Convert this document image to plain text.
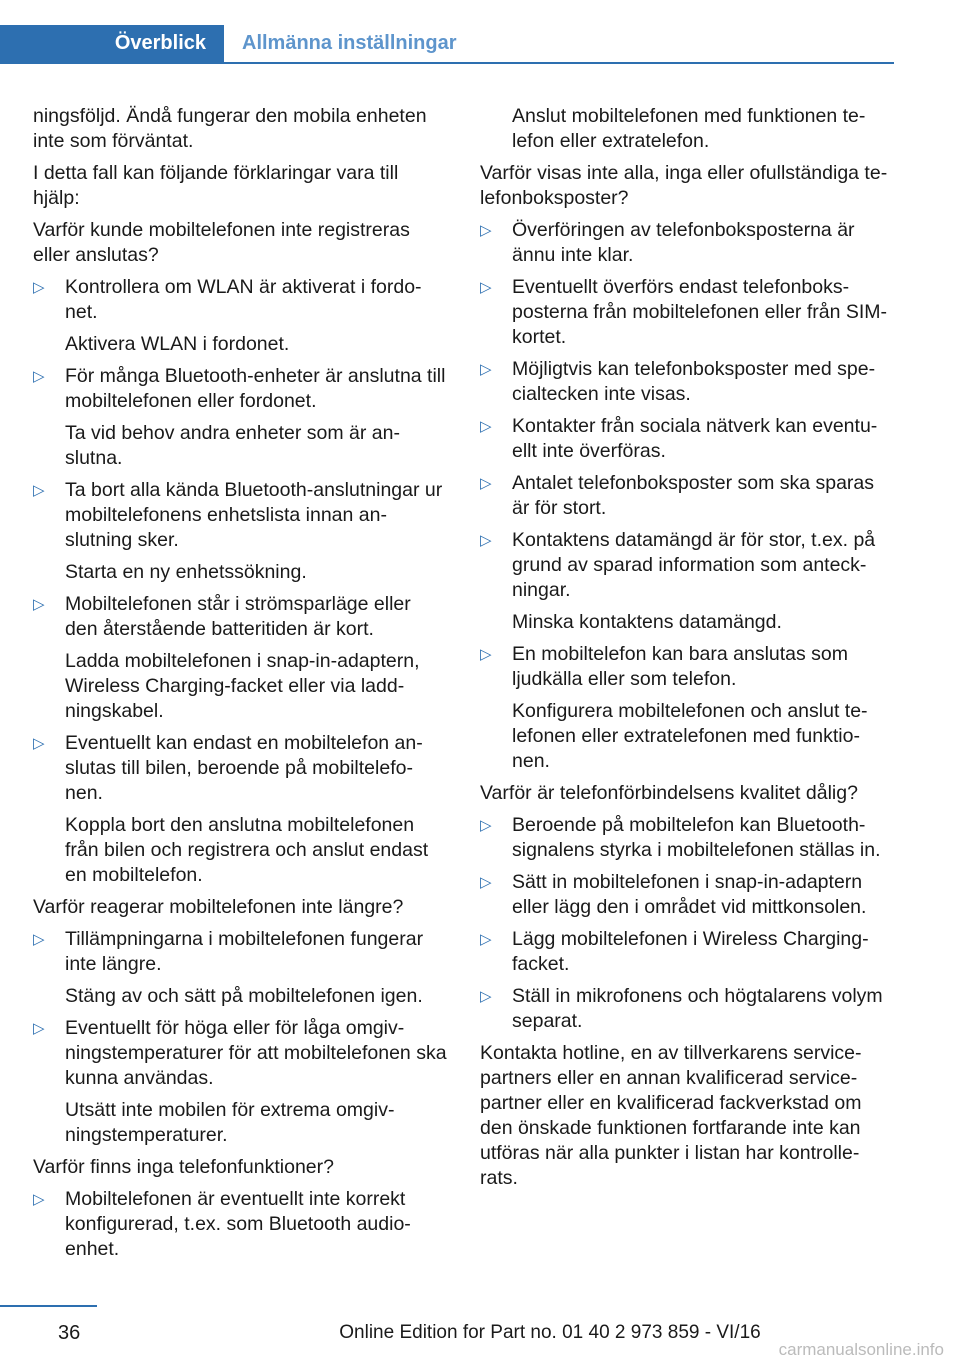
Överblick	Allmänna inställningar
ningsföljd. Ändå fungerar den mobila enheten inte som förväntat.
I detta fall kan följande förklaringar vara till hjälp:
Varför kunde mobiltelefonen inte registreras eller anslutas?
▷ Kontrollera om WLAN är aktiverat i fordo‐ net.
Aktivera WLAN i fordonet.
▷ För många Bluetooth-enheter är anslutna till mobiltelefonen eller fordonet.
Ta vid behov andra enheter som är an‐ slutna.
▷ Ta bort alla kända Bluetooth-anslutningar ur mobiltelefonens enhetslista innan an‐ slutning sker.
Starta en ny enhetssökning.
▷ Mobiltelefonen står i strömsparläge eller den återstående batteritiden är kort.
Ladda mobiltelefonen i snap-in-adaptern, Wireless Charging-facket eller via ladd‐ ningskabel.
▷ Eventuellt kan endast en mobiltelefon an‐ slutas till bilen, beroende på mobiltelefo‐ nen.
Koppla bort den anslutna mobiltelefonen från bilen och registrera och anslut endast en mobiltelefon.
Varför reagerar mobiltelefonen inte längre?
▷ Tillämpningarna i mobiltelefonen fungerar inte längre.
Stäng av och sätt på mobiltelefonen igen.
▷ Eventuellt för höga eller för låga omgiv‐ ningstemperaturer för att mobiltelefonen ska kunna användas.
Utsätt inte mobilen för extrema omgiv‐ ningstemperaturer.
Varför finns inga telefonfunktioner?
▷ Mobiltelefonen är eventuellt inte korrekt konfigurerad, t.ex. som Bluetooth audio‐ enhet.
Anslut mobiltelefonen med funktionen te‐ lefon eller extratelefon.
Varför visas inte alla, inga eller ofullständiga te‐ lefonboksposter?
▷ Överföringen av telefonboksposterna är ännu inte klar.
▷ Eventuellt överförs endast telefonboks‐ posterna från mobiltelefonen eller från SIM-kortet.
▷ Möjligtvis kan telefonboksposter med spe‐ cialtecken inte visas.
▷ Kontakter från sociala nätverk kan eventu‐ ellt inte överföras.
▷ Antalet telefonboksposter som ska sparas är för stort.
▷ Kontaktens datamängd är för stor, t.ex. på grund av sparad information som anteck‐ ningar.
Minska kontaktens datamängd.
▷ En mobiltelefon kan bara anslutas som ljudkälla eller som telefon.
Konfigurera mobiltelefonen och anslut te‐ lefonen eller extratelefonen med funktio‐ nen.
Varför är telefonförbindelsens kvalitet dålig?
▷ Beroende på mobiltelefon kan Bluetooth- signalens styrka i mobiltelefonen ställas in.
▷ Sätt in mobiltelefonen i snap-in-adaptern eller lägg den i området vid mittkonsolen.
▷ Lägg mobiltelefonen i Wireless Charging- facket.
▷ Ställ in mikrofonens och högtalarens volym separat.
Kontakta hotline, en av tillverkarens service‐ partners eller en annan kvalificerad service‐ partner eller en kvalificerad fackverkstad om den önskade funktionen fortfarande inte kan utföras när alla punkter i listan har kontrolle‐ rats.
36	Online Edition for Part no. 01 40 2 973 859 - VI/16
carmanualsonline.info
